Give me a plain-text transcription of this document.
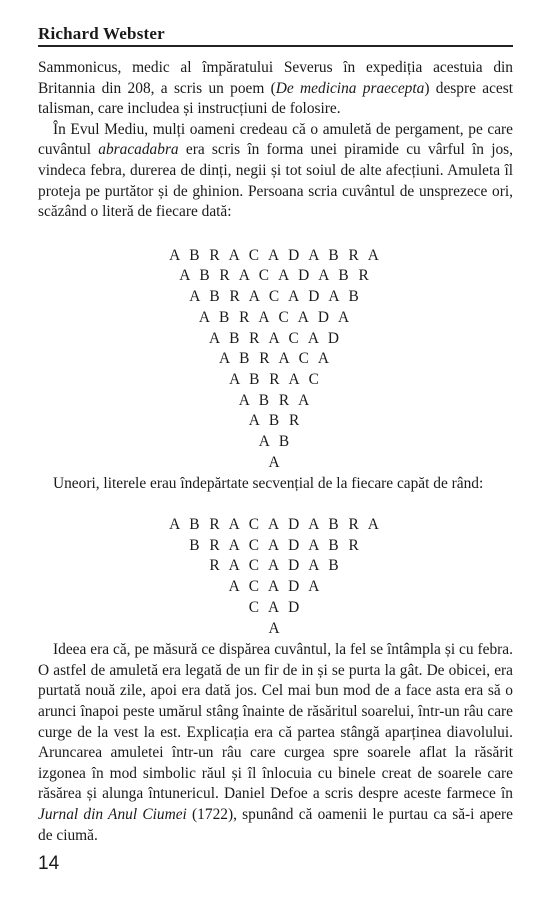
Richard Webster

Sammonicus, medic al împăratului Severus în expediția acestuia din Britannia din 208, a scris un poem (De medicina praecepta) despre acest talisman, care includea și instrucțiuni de folosire.

În Evul Mediu, mulți oameni credeau că o amuletă de pergament, pe care cuvântul abracadabra era scris în forma unei piramide cu vârful în jos, vindeca febra, durerea de dinți, negii și tot soiul de alte afecțiuni. Amuleta îl proteja pe purtător și de ghinion. Persoana scria cuvântul de unsprezece ori, scăzând o literă de fiecare dată:

A B R A C A D A B R A
A B R A C A D A B R
A B R A C A D A B
A B R A C A D A
A B R A C A D
A B R A C A
A B R A C
A B R A
A B R
A B
A

Uneori, literele erau îndepărtate secvențial de la fiecare capăt de rând:

A B R A C A D A B R A
B R A C A D A B R
R A C A D A B
A C A D A
C A D
A

Ideea era că, pe măsură ce dispărea cuvântul, la fel se întâmpla și cu febra. O astfel de amuletă era legată de un fir de in și se purta la gât. De obicei, era purtată nouă zile, apoi era dată jos. Cel mai bun mod de a face asta era să o arunci înapoi peste umărul stâng înainte de răsăritul soarelui, într-un râu care curge de la vest la est. Explicația era că partea stângă aparținea diavolului. Aruncarea amuletei într-un râu care curgea spre soarele aflat la răsărit izgonea în mod simbolic răul și îl înlocuia cu binele creat de soarele care răsărea și alunga întunericul. Daniel Defoe a scris despre aceste farmece în Jurnal din Anul Ciumei (1722), spunând că oamenii le purtau ca să-i apere de ciumă.

14
